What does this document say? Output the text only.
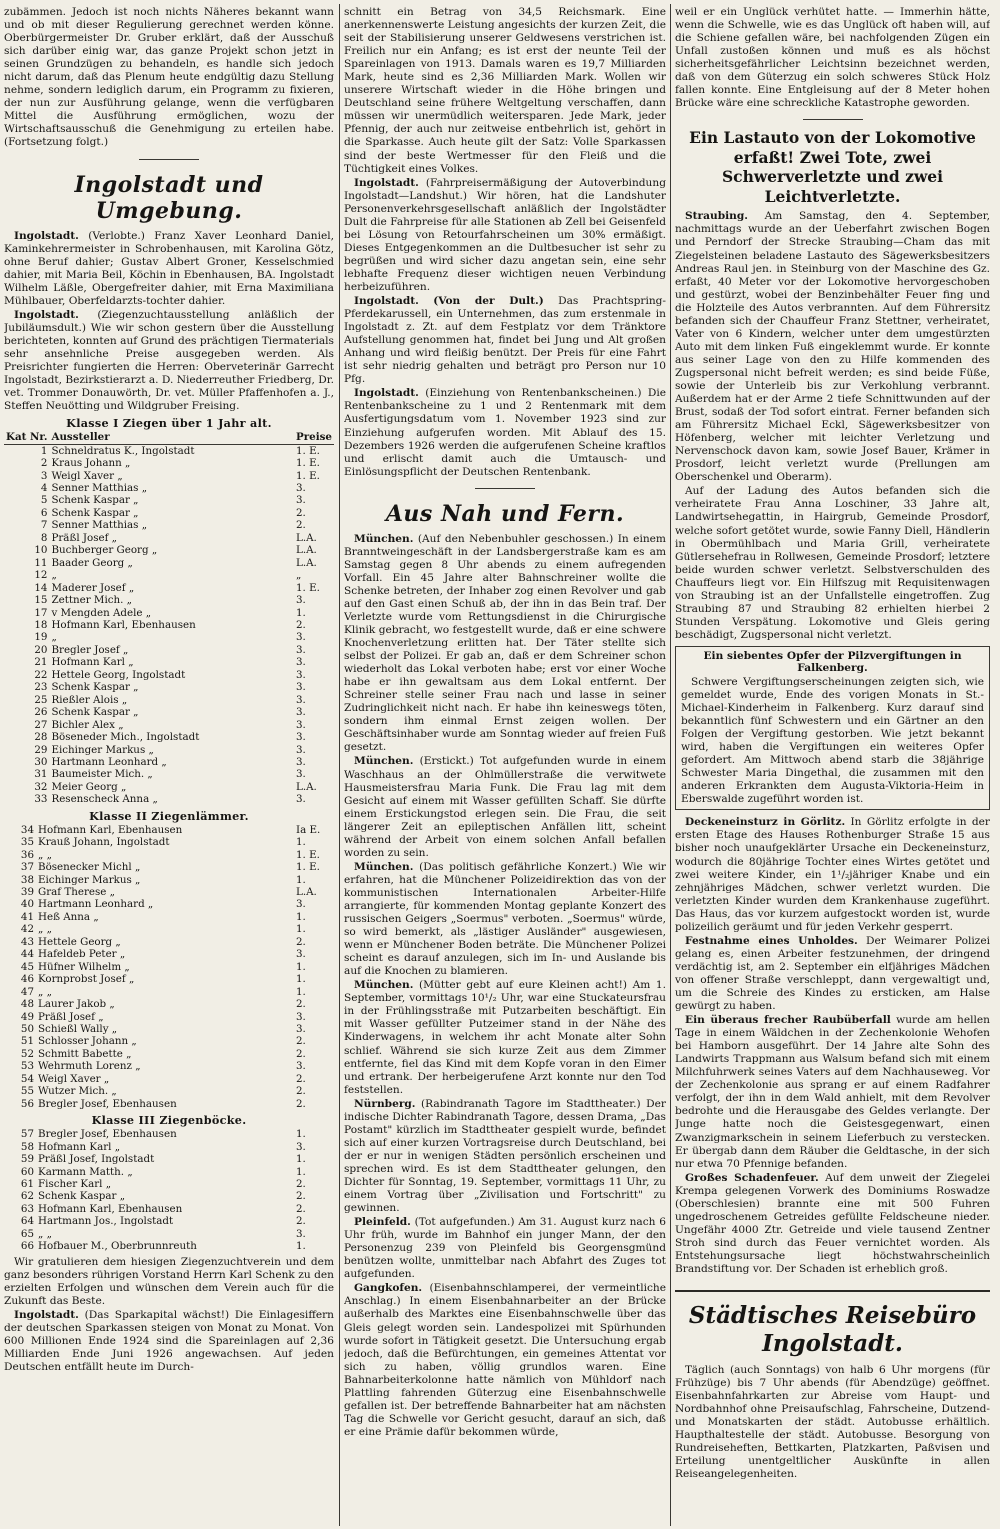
zubämmen. Jedoch ist noch nichts Näheres bekannt wann und ob mit dieser Regulierung gerechnet werden könne. Oberbürgermeister Dr. Gruber erklärt, daß der Ausschuß sich darüber einig war, das ganze Projekt schon jetzt in seinen Grundzügen zu behandeln, es handle sich jedoch nicht darum, daß das Plenum heute endgültig dazu Stellung nehme, sondern lediglich darum, ein Programm zu fixieren, der nun zur Ausführung gelange, wenn die verfügbaren Mittel die Ausführung ermöglichen, wozu der Wirtschaftsausschuß die Genehmigung zu erteilen habe. (Fortsetzung folgt.)

Ingolstadt und Umgebung.

Ingolstadt. (Verlobte.) Franz Xaver Leonhard Daniel, Kaminkehrermeister in Schrobenhausen, mit Karolina Götz, ohne Beruf dahier; Gustav Albert Groner, Kesselschmied dahier, mit Maria Beil, Köchin in Ebenhausen, BA. Ingolstadt Wilhelm Läßle, Obergefreiter dahier, mit Erna Maximiliana Mühlbauer, Oberfeldarzts-tochter dahier.

Ingolstadt. (Ziegenzuchtausstellung anläßlich der Jubiläumsdult.) Wie wir schon gestern über die Ausstellung berichteten, konnten auf Grund des prächtigen Tiermaterials sehr ansehnliche Preise ausgegeben werden. Als Preisrichter fungierten die Herren: Oberveterinär Garrecht Ingolstadt, Bezirkstierarzt a. D. Niederreuther Friedberg, Dr. vet. Trommer Donauwörth, Dr. vet. Müller Pfaffenhofen a. J., Steffen Neuötting und Wildgruber Freising.

Klasse I Ziegen über 1 Jahr alt.
Kat Nr.	Aussteller	Preise
1	Schneldratus K., Ingolstadt	1. E.
2	Kraus Johann „	1. E.
3	Weigl Xaver „	1. E.
4	Senner Matthias „	3.
5	Schenk Kaspar „	3.
6	Schenk Kaspar „	2.
7	Senner Matthias „	2.
8	Präßl Josef „	L.A.
10	Buchberger Georg „	L.A.
11	Baader Georg „	L.A.
12	„	„
14	Maderer Josef „	1. E.
15	Zettner Mich. „	3.
17	v Mengden Adele „	1.
18	Hofmann Karl, Ebenhausen	2.
19	„	3.
20	Bregler Josef „	3.
21	Hofmann Karl „	3.
22	Hettele Georg, Ingolstadt	3.
23	Schenk Kaspar „	3.
25	Rießler Alois „	3.
26	Schenk Kaspar „	3.
27	Bichler Alex „	3.
28	Böseneder Mich., Ingolstadt	3.
29	Eichinger Markus „	3.
30	Hartmann Leonhard „	3.
31	Baumeister Mich. „	3.
32	Meier Georg „	L.A.
33	Resenscheck Anna „	3.
Klasse II Ziegenlämmer.
34	Hofmann Karl, Ebenhausen	Ia E.
35	Krauß Johann, Ingolstadt	1.
36	„ „	1. E.
37	Bösenecker Michl „	1. E.
38	Eichinger Markus „	1.
39	Graf Therese „	L.A.
40	Hartmann Leonhard „	3.
41	Heß Anna „	1.
42	„ „	1.
43	Hettele Georg „	2.
44	Hafeldeb Peter „	3.
45	Hüfner Wilhelm „	1.
46	Kornprobst Josef „	1.
47	„ „	1.
48	Laurer Jakob „	2.
49	Präßl Josef „	3.
50	Schießl Wally „	3.
51	Schlosser Johann „	2.
52	Schmitt Babette „	2.
53	Wehrmuth Lorenz „	3.
54	Weigl Xaver „	2.
55	Wutzer Mich. „	2.
56	Bregler Josef, Ebenhausen	2.
Klasse III Ziegenböcke.
57	Bregler Josef, Ebenhausen	1.
58	Hofmann Karl „	3.
59	Präßl Josef, Ingolstadt	1.
60	Karmann Matth. „	1.
61	Fischer Karl „	2.
62	Schenk Kaspar „	2.
63	Hofmann Karl, Ebenhausen	2.
64	Hartmann Jos., Ingolstadt	2.
65	„ „	3.
66	Hofbauer M., Oberbrunnreuth	1.

Wir gratulieren dem hiesigen Ziegenzuchtverein und dem ganz besonders rührigen Vorstand Herrn Karl Schenk zu den erzielten Erfolgen und wünschen dem Verein auch für die Zukunft das Beste.

Ingolstadt. (Das Sparkapital wächst!) Die Einlagesiffern der deutschen Sparkassen steigen von Monat zu Monat. Von 600 Millionen Ende 1924 sind die Spareinlagen auf 2,36 Milliarden Ende Juni 1926 angewachsen. Auf jeden Deutschen entfällt heute im Durch-

schnitt ein Betrag von 34,5 Reichsmark. Eine anerkennenswerte Leistung angesichts der kurzen Zeit, die seit der Stabilisierung unserer Geldwesens verstrichen ist. Freilich nur ein Anfang; es ist erst der neunte Teil der Spareinlagen von 1913. Damals waren es 19,7 Milliarden Mark, heute sind es 2,36 Milliarden Mark. Wollen wir unserere Wirtschaft wieder in die Höhe bringen und Deutschland seine frühere Weltgeltung verschaffen, dann müssen wir unermüdlich weitersparen. Jede Mark, jeder Pfennig, der auch nur zeitweise entbehrlich ist, gehört in die Sparkasse. Auch heute gilt der Satz: Volle Sparkassen sind der beste Wertmesser für den Fleiß und die Tüchtigkeit eines Volkes.

Ingolstadt. (Fahrpreisermäßigung der Autoverbindung Ingolstadt—Landshut.) Wir hören, hat die Landshuter Personenverkehrsgesellschaft anläßlich der Ingolstädter Dult die Fahrpreise für alle Stationen ab Zell bei Geisenfeld bei Lösung von Retourfahrscheinen um 30% ermäßigt. Dieses Entgegenkommen an die Dultbesucher ist sehr zu begrüßen und wird sicher dazu angetan sein, eine sehr lebhafte Frequenz dieser wichtigen neuen Verbindung herbeizuführen.

Ingolstadt. (Von der Dult.) Das Prachtspring-Pferdekarussell, ein Unternehmen, das zum erstenmale in Ingolstadt z. Zt. auf dem Festplatz vor dem Tränktore Aufstellung genommen hat, findet bei Jung und Alt großen Anhang und wird fleißig benützt. Der Preis für eine Fahrt ist sehr niedrig gehalten und beträgt pro Person nur 10 Pfg.

Ingolstadt. (Einziehung von Rentenbankscheinen.) Die Rentenbankscheine zu 1 und 2 Rentenmark mit dem Ausfertigungsdatum vom 1. November 1923 sind zur Einziehung aufgerufen worden. Mit Ablauf des 15. Dezembers 1926 werden die aufgerufenen Scheine kraftlos und erlischt damit auch die Umtausch- und Einlösungspflicht der Deutschen Rentenbank.

Aus Nah und Fern.

München. (Auf den Nebenbuhler geschossen.) In einem Branntweingeschäft in der Landsbergerstraße kam es am Samstag gegen 8 Uhr abends zu einem aufregenden Vorfall. Ein 45 Jahre alter Bahnschreiner wollte die Schenke betreten, der Inhaber zog einen Revolver und gab auf den Gast einen Schuß ab, der ihn in das Bein traf. Der Verletzte wurde vom Rettungsdienst in die Chirurgische Klinik gebracht, wo festgestellt wurde, daß er eine schwere Knochenverletzung erlitten hat. Der Täter stellte sich selbst der Polizei. Er gab an, daß er dem Schreiner schon wiederholt das Lokal verboten habe; erst vor einer Woche habe er ihn gewaltsam aus dem Lokal entfernt. Der Schreiner stelle seiner Frau nach und lasse in seiner Zudringlichkeit nicht nach. Er habe ihn keineswegs töten, sondern ihm einmal Ernst zeigen wollen. Der Geschäftsinhaber wurde am Sonntag wieder auf freien Fuß gesetzt.

München. (Erstickt.) Tot aufgefunden wurde in einem Waschhaus an der Ohlmüllerstraße die verwitwete Hausmeistersfrau Maria Funk. Die Frau lag mit dem Gesicht auf einem mit Wasser gefüllten Schaff. Sie dürfte einem Erstickungstod erlegen sein. Die Frau, die seit längerer Zeit an epileptischen Anfällen litt, scheint während der Arbeit von einem solchen Anfall befallen worden zu sein.

München. (Das politisch gefährliche Konzert.) Wie wir erfahren, hat die Münchener Polizeidirektion das von der kommunistischen Internationalen Arbeiter-Hilfe arrangierte, für kommenden Montag geplante Konzert des russischen Geigers „Soermus" verboten. „Soermus" würde, so wird bemerkt, als „lästiger Ausländer" ausgewiesen, wenn er Münchener Boden beträte. Die Münchener Polizei scheint es darauf anzulegen, sich im In- und Auslande bis auf die Knochen zu blamieren.

München. (Mütter gebt auf eure Kleinen acht!) Am 1. September, vormittags 10¹/₂ Uhr, war eine Stuckateursfrau in der Frühlingsstraße mit Putzarbeiten beschäftigt. Ein mit Wasser gefüllter Putzeimer stand in der Nähe des Kinderwagens, in welchem ihr acht Monate alter Sohn schlief. Während sie sich kurze Zeit aus dem Zimmer entfernte, fiel das Kind mit dem Kopfe voran in den Eimer und ertrank. Der herbeigerufene Arzt konnte nur den Tod feststellen.

Nürnberg. (Rabindranath Tagore im Stadttheater.) Der indische Dichter Rabindranath Tagore, dessen Drama, „Das Postamt" kürzlich im Stadttheater gespielt wurde, befindet sich auf einer kurzen Vortragsreise durch Deutschland, bei der er nur in wenigen Städten persönlich erscheinen und sprechen wird. Es ist dem Stadttheater gelungen, den Dichter für Sonntag, 19. September, vormittags 11 Uhr, zu einem Vortrag über „Zivilisation und Fortschritt" zu gewinnen.

Pleinfeld. (Tot aufgefunden.) Am 31. August kurz nach 6 Uhr früh, wurde im Bahnhof ein junger Mann, der den Personenzug 239 von Pleinfeld bis Georgensgmünd benützen wollte, unmittelbar nach Abfahrt des Zuges tot aufgefunden.

Gangkofen. (Eisenbahnschlamperei, der vermeintliche Anschlag.) In einem Eisenbahnarbeiter an der Brücke außerhalb des Marktes eine Eisenbahnschwelle über das Gleis gelegt worden sein. Landespolizei mit Spürhunden wurde sofort in Tätigkeit gesetzt. Die Untersuchung ergab jedoch, daß die Befürchtungen, ein gemeines Attentat vor sich zu haben, völlig grundlos waren. Eine Bahnarbeiterkolonne hatte nämlich von Mühldorf nach Plattling fahrenden Güterzug eine Eisenbahnschwelle gefallen ist. Der betreffende Bahnarbeiter hat am nächsten Tag die Schwelle vor Gericht gesucht, darauf an sich, daß er eine Prämie dafür bekommen würde,

weil er ein Unglück verhütet hatte. — Immerhin hätte, wenn die Schwelle, wie es das Unglück oft haben will, auf die Schiene gefallen wäre, bei nachfolgenden Zügen ein Unfall zustoßen können und muß es als höchst sicherheitsgefährlicher Leichtsinn bezeichnet werden, daß von dem Güterzug ein solch schweres Stück Holz fallen konnte. Eine Entgleisung auf der 8 Meter hohen Brücke wäre eine schreckliche Katastrophe geworden.

Ein Lastauto von der Lokomotive erfaßt! Zwei Tote, zwei Schwerverletzte und zwei Leichtverletzte.

Straubing. Am Samstag, den 4. September, nachmittags wurde an der Ueberfahrt zwischen Bogen und Perndorf der Strecke Straubing—Cham das mit Ziegelsteinen beladene Lastauto des Sägewerksbesitzers Andreas Raul jen. in Steinburg von der Maschine des Gz. erfaßt, 40 Meter vor der Lokomotive hervorgeschoben und gestürzt, wobei der Benzinbehälter Feuer fing und die Holzteile des Autos verbrannten. Auf dem Führersitz befanden sich der Chauffeur Franz Stettner, verheiratet, Vater von 6 Kindern, welcher unter dem umgestürzten Auto mit dem linken Fuß eingeklemmt wurde. Er konnte aus seiner Lage von den zu Hilfe kommenden des Zugspersonal nicht befreit werden; es sind beide Füße, sowie der Unterleib bis zur Verkohlung verbrannt. Außerdem hat er der Arme 2 tiefe Schnittwunden auf der Brust, sodaß der Tod sofort eintrat. Ferner befanden sich am Führersitz Michael Eckl, Sägewerksbesitzer von Höfenberg, welcher mit leichter Verletzung und Nervenschock davon kam, sowie Josef Bauer, Krämer in Prosdorf, leicht verletzt wurde (Prellungen am Oberschenkel und Oberarm).

Auf der Ladung des Autos befanden sich die verheiratete Frau Anna Loschiner, 33 Jahre alt, Landwirtsehegattin, in Hairgrub, Gemeinde Prosdorf, welche sofort getötet wurde, sowie Fanny Diell, Händlerin in Obermühlbach und Maria Grill, verheiratete Gütlersehefrau in Rollwesen, Gemeinde Prosdorf; letztere beide wurden schwer verletzt. Selbstverschulden des Chauffeurs liegt vor. Ein Hilfszug mit Requisitenwagen von Straubing ist an der Unfallstelle eingetroffen. Zug Straubing 87 und Straubing 82 erhielten hierbei 2 Stunden Verspätung. Lokomotive und Gleis gering beschädigt, Zugspersonal nicht verletzt.

Ein siebentes Opfer der Pilzvergiftungen in Falkenberg.

Schwere Vergiftungserscheinungen zeigten sich, wie gemeldet wurde, Ende des vorigen Monats in St.-Michael-Kinderheim in Falkenberg. Kurz darauf sind bekanntlich fünf Schwestern und ein Gärtner an den Folgen der Vergiftung gestorben. Wie jetzt bekannt wird, haben die Vergiftungen ein weiteres Opfer gefordert. Am Mittwoch abend starb die 38jährige Schwester Maria Dingethal, die zusammen mit den anderen Erkrankten dem Augusta-Viktoria-Heim in Eberswalde zugeführt worden ist.

Deckeneinsturz in Görlitz. In Görlitz erfolgte in der ersten Etage des Hauses Rothenburger Straße 15 aus bisher noch unaufgeklärter Ursache ein Deckeneinsturz, wodurch die 80jährige Tochter eines Wirtes getötet und zwei weitere Kinder, ein 1¹/₂jähriger Knabe und ein zehnjähriges Mädchen, schwer verletzt wurden. Die verletzten Kinder wurden dem Krankenhause zugeführt. Das Haus, das vor kurzem aufgestockt worden ist, wurde polizeilich geräumt und für jeden Verkehr gesperrt.

Festnahme eines Unholdes. Der Weimarer Polizei gelang es, einen Arbeiter festzunehmen, der dringend verdächtig ist, am 2. September ein elfjähriges Mädchen von offener Straße verschleppt, dann vergewaltigt und, um die Schreie des Kindes zu ersticken, am Halse gewürgt zu haben.

Ein überaus frecher Raubüberfall wurde am hellen Tage in einem Wäldchen in der Zechenkolonie Wehofen bei Hamborn ausgeführt. Der 14 Jahre alte Sohn des Landwirts Trappmann aus Walsum befand sich mit einem Milchfuhrwerk seines Vaters auf dem Nachhauseweg. Vor der Zechenkolonie aus sprang er auf einem Radfahrer verfolgt, der ihn in dem Wald anhielt, mit dem Revolver bedrohte und die Herausgabe des Geldes verlangte. Der Junge hatte noch die Geistesgegenwart, einen Zwanzigmarkschein in seinem Lieferbuch zu verstecken. Er übergab dann dem Räuber die Geldtasche, in der sich nur etwa 70 Pfennige befanden.

Großes Schadenfeuer. Auf dem unweit der Ziegelei Krempa gelegenen Vorwerk des Dominiums Roswadze (Oberschlesien) brannte eine mit 500 Fuhren ungedroschenem Getreides gefüllte Feldscheune nieder. Ungefähr 4000 Ztr. Getreide und viele tausend Zentner Stroh sind durch das Feuer vernichtet worden. Als Entstehungsursache liegt höchstwahrscheinlich Brandstiftung vor. Der Schaden ist erheblich groß.

Städtisches Reisebüro Ingolstadt.

Täglich (auch Sonntags) von halb 6 Uhr morgens (für Frühzüge) bis 7 Uhr abends (für Abendzüge) geöffnet. Eisenbahnfahrkarten zur Abreise vom Haupt- und Nordbahnhof ohne Preisaufschlag, Fahrscheine, Dutzend- und Monatskarten der städt. Autobusse erhältlich. Haupthaltestelle der städt. Autobusse. Besorgung von Rundreiseheften, Bettkarten, Platzkarten, Paßvisen und Erteilung unentgeltlicher Auskünfte in allen Reiseangelegenheiten.
